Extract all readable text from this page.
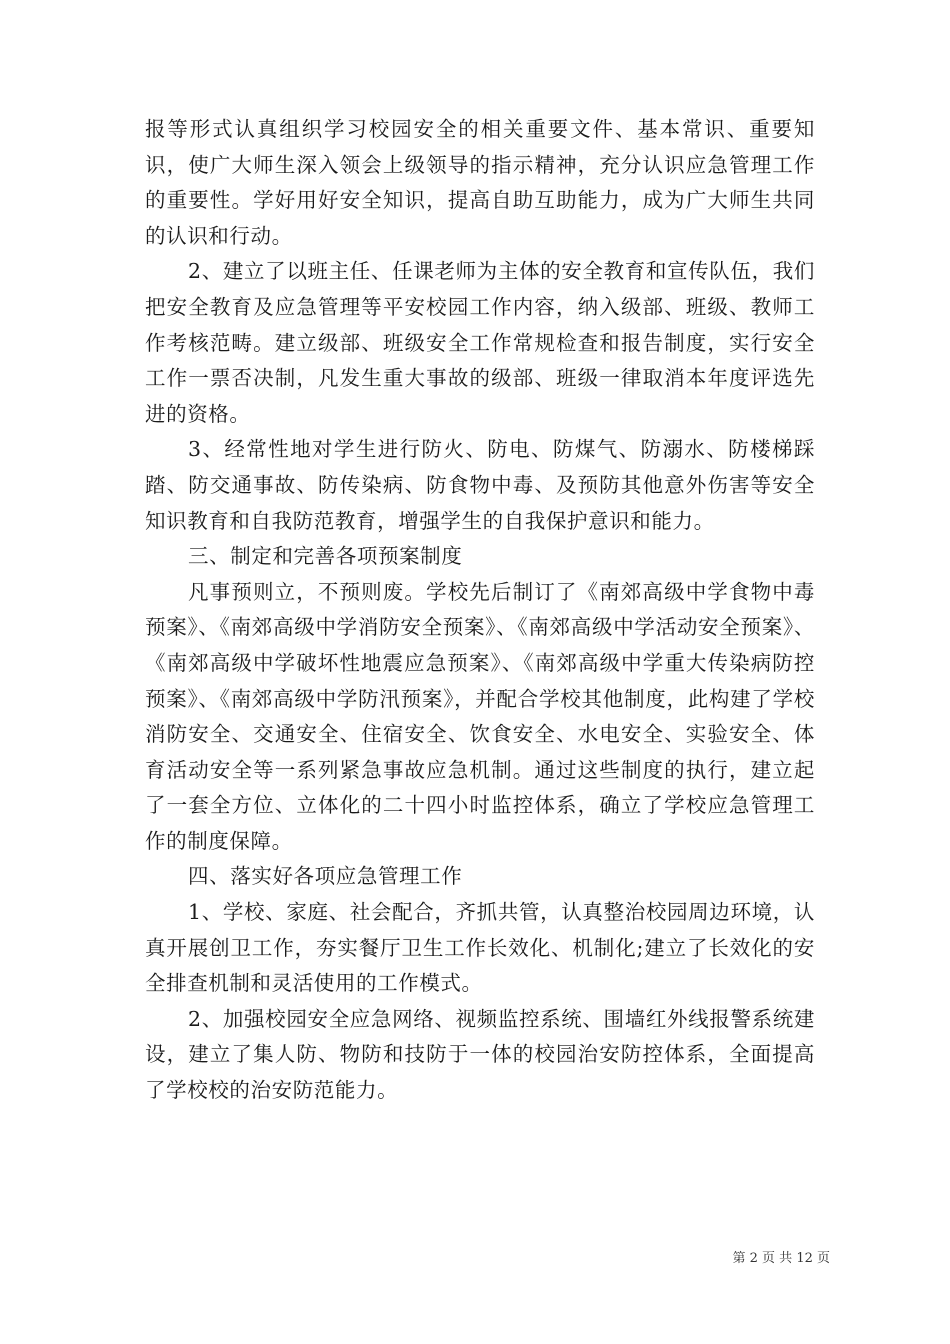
报等形式认真组织学习校园安全的相关重要文件、基本常识、重要知识，使广大师生深入领会上级领导的指示精神，充分认识应急管理工作的重要性。学好用好安全知识，提高自助互助能力，成为广大师生共同的认识和行动。

2、建立了以班主任、任课老师为主体的安全教育和宣传队伍，我们把安全教育及应急管理等平安校园工作内容，纳入级部、班级、教师工作考核范畴。建立级部、班级安全工作常规检查和报告制度，实行安全工作一票否决制，凡发生重大事故的级部、班级一律取消本年度评选先进的资格。

3、经常性地对学生进行防火、防电、防煤气、防溺水、防楼梯踩踏、防交通事故、防传染病、防食物中毒、及预防其他意外伤害等安全知识教育和自我防范教育，增强学生的自我保护意识和能力。

三、制定和完善各项预案制度

凡事预则立，不预则废。学校先后制订了《南郊高级中学食物中毒预案》、《南郊高级中学消防安全预案》、《南郊高级中学活动安全预案》、《南郊高级中学破坏性地震应急预案》、《南郊高级中学重大传染病防控预案》、《南郊高级中学防汛预案》，并配合学校其他制度，此构建了学校消防安全、交通安全、住宿安全、饮食安全、水电安全、实验安全、体育活动安全等一系列紧急事故应急机制。通过这些制度的执行，建立起了一套全方位、立体化的二十四小时监控体系，确立了学校应急管理工作的制度保障。

四、落实好各项应急管理工作

1、学校、家庭、社会配合，齐抓共管，认真整治校园周边环境，认真开展创卫工作，夯实餐厅卫生工作长效化、机制化;建立了长效化的安全排查机制和灵活使用的工作模式。

2、加强校园安全应急网络、视频监控系统、围墙红外线报警系统建设，建立了集人防、物防和技防于一体的校园治安防控体系，全面提高了学校校的治安防范能力。

第 2 页 共 12 页
